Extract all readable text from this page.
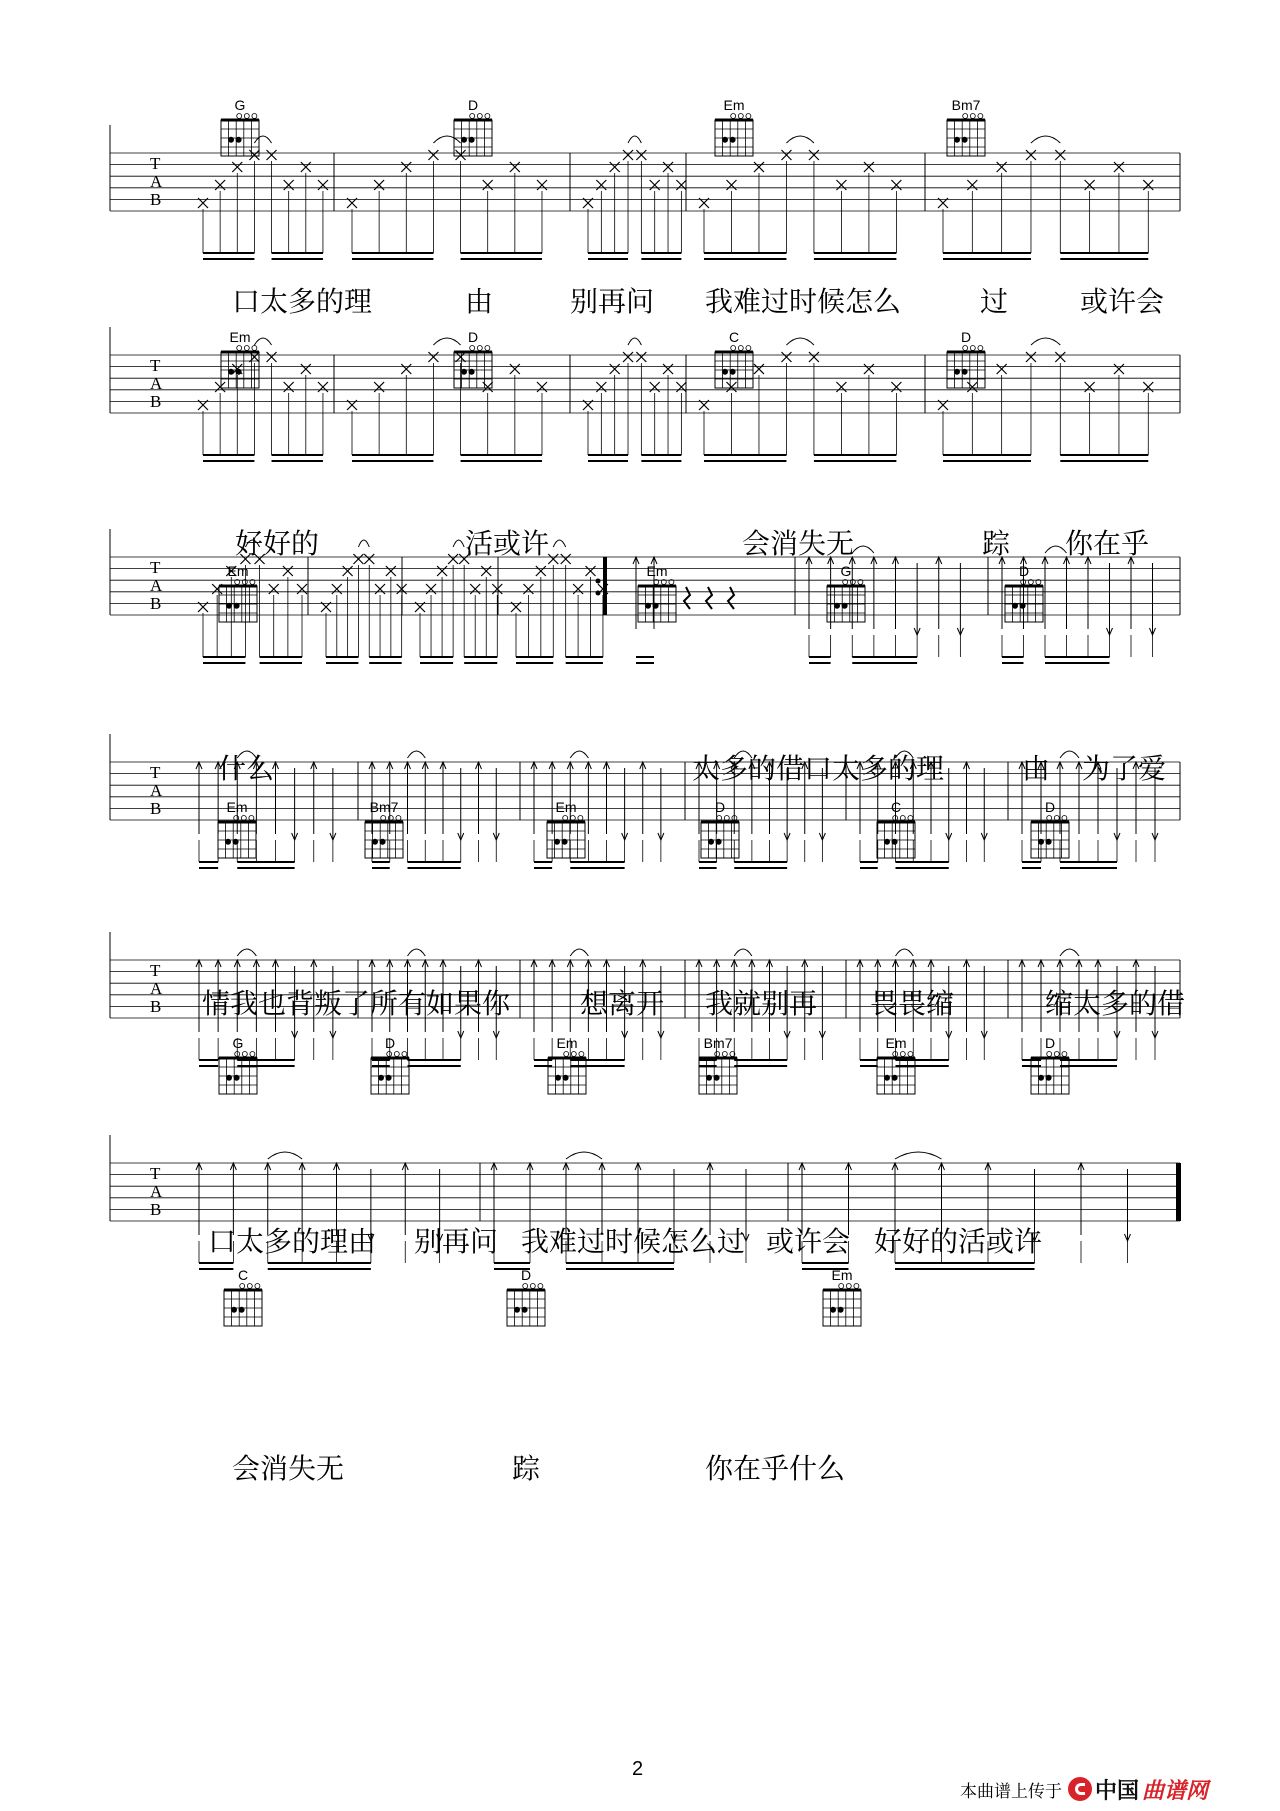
T
A
B
G	D	Em	Bm7
口太多的理	由	别再问 我难过时候怎么	过	或许会
T
A
B
Em	D	C	D
好好的	活或许	会消失无	踪 你在乎
T
A
B
Em	Em	G	D
什么	太多的借口太多的理	由 为了爱
T
A
B	Em	Bm7	Em	D	C	D
情我也背叛了所有如果你 想离开 我就别再 畏畏缩	缩太多的借
T
A
B
G	D	Em	Bm7	Em	D
口太多的理由 别再问 我难过时候怎么过 或许会 好好的活或许
T
A
B
C	D	Em
会消失无	踪	你在乎什么
2
本曲谱上传于 中国 曲谱网
